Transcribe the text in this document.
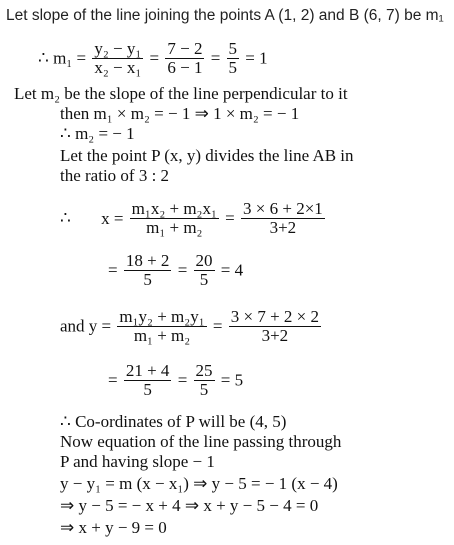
Let slope of the line joining the points A (1, 2) and B (6, 7) be m₁
∴ $m_1 = \frac{\text{y₂ − y₁}}{\text{x₂ − x₁}} = \frac{7 - 2}{6 - 1} = \frac{5}{5} = 1$
Let m₂ be the slope of the line perpendicular to it
then m₁ × m₂ = − 1 ⇒ 1 × m₂ = − 1
∴ m₂ = − 1
Let the point P (x, y) divides the line AB in
the ratio of 3 : 2
∴ $x = \frac{\text{m₁x₂ + m₂x₁}}{\text{m₁ + m₂}} = \frac{3 \times 6 + 2\times 1}{3+2}$
= $\frac{18 + 2}{5} = \frac{20}{5} = 4$
and $y = \frac{\text{m₁y₂ + m₂y₁}}{\text{m₁ + m₂}} = \frac{3 \times 7 + 2 \times 2}{3+2}$
= $\frac{21 + 4}{5} = \frac{25}{5} = 5$
∴ Co-ordinates of P will be (4, 5)
Now equation of the line passing through
P and having slope − 1
y − y₁ = m (x − x₁) ⇒ y − 5 = − 1 (x − 4)
⇒ y − 5 = − x + 4 ⇒ x + y − 5 − 4 = 0
⇒ x + y − 9 = 0
